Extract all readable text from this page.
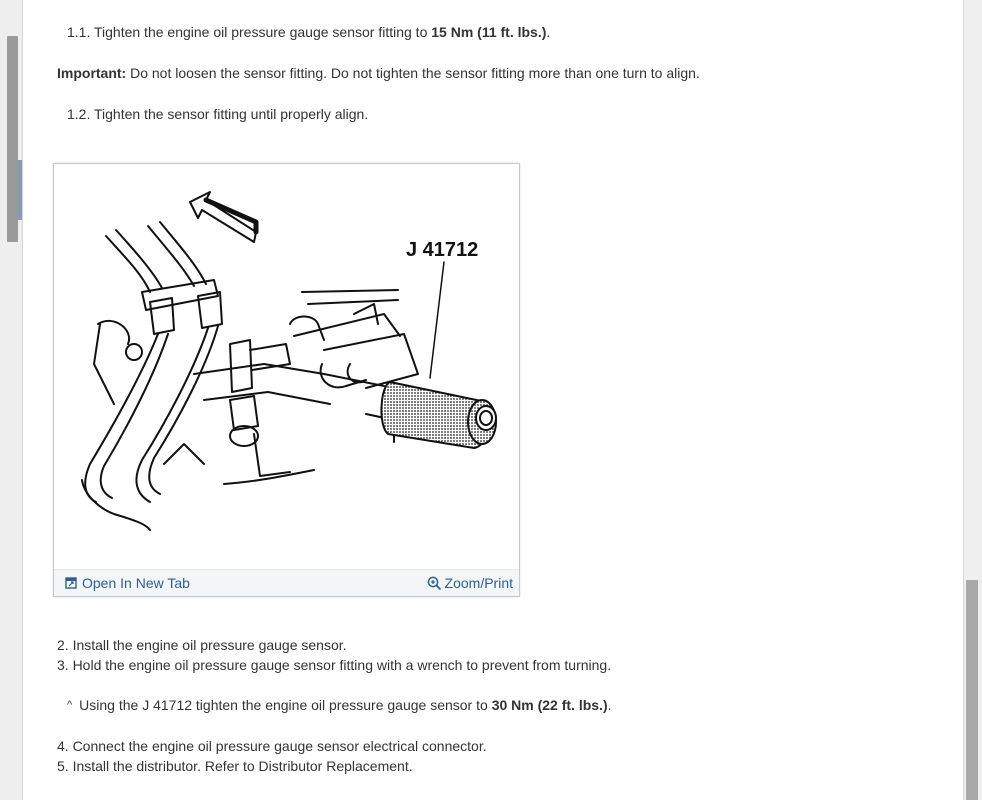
1.1. Tighten the engine oil pressure gauge sensor fitting to 15 Nm (11 ft. lbs.).
Important: Do not loosen the sensor fitting. Do not tighten the sensor fitting more than one turn to align.
1.2. Tighten the sensor fitting until properly align.
J 41712
Open In New Tab	Zoom/Print
2. Install the engine oil pressure gauge sensor.
3. Hold the engine oil pressure gauge sensor fitting with a wrench to prevent from turning.
^ Using the J 41712 tighten the engine oil pressure gauge sensor to 30 Nm (22 ft. lbs.).
4. Connect the engine oil pressure gauge sensor electrical connector.
5. Install the distributor. Refer to Distributor Replacement.
